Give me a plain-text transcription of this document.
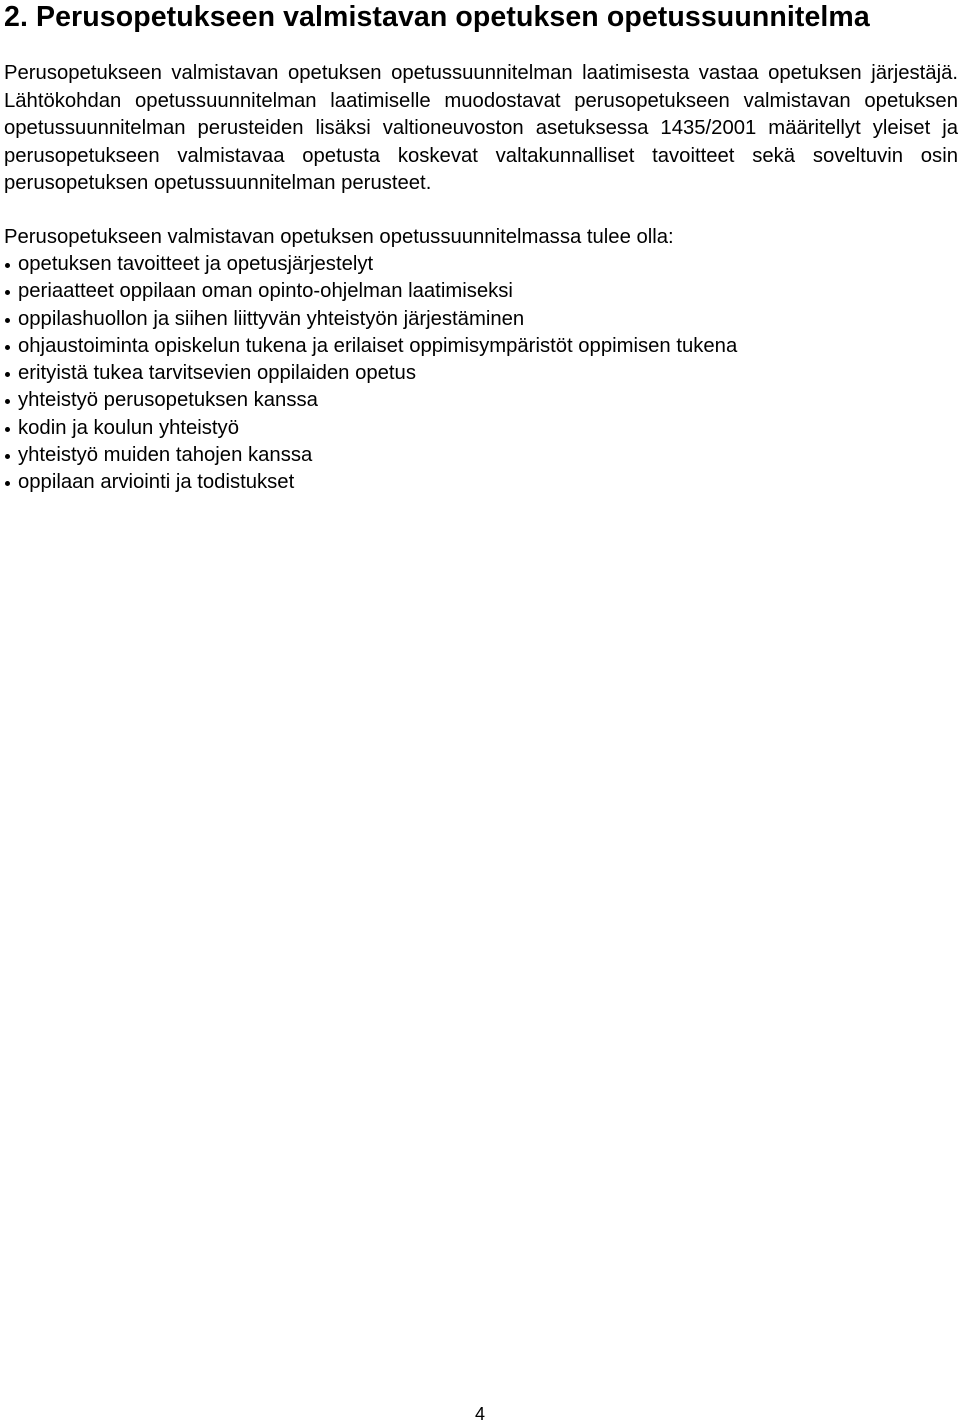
2. Perusopetukseen valmistavan opetuksen opetussuunnitelma

Perusopetukseen valmistavan opetuksen opetussuunnitelman laatimisesta vastaa opetuksen järjestäjä. Lähtökohdan opetussuunnitelman laatimiselle muodostavat perusopetukseen valmistavan opetuksen opetussuunnitelman perusteiden lisäksi valtioneuvoston asetuksessa 1435/2001 määritellyt yleiset ja perusopetukseen valmistavaa opetusta koskevat valtakunnalliset tavoitteet sekä soveltuvin osin perusopetuksen opetussuunnitelman perusteet.

Perusopetukseen valmistavan opetuksen opetussuunnitelmassa tulee olla:

opetuksen tavoitteet ja opetusjärjestelyt
periaatteet oppilaan oman opinto-ohjelman laatimiseksi
oppilashuollon ja siihen liittyvän yhteistyön järjestäminen
ohjaustoiminta opiskelun tukena ja erilaiset oppimisympäristöt oppimisen tukena
erityistä tukea tarvitsevien oppilaiden opetus
yhteistyö perusopetuksen kanssa
kodin ja koulun yhteistyö
yhteistyö muiden tahojen kanssa
oppilaan arviointi ja todistukset
4
